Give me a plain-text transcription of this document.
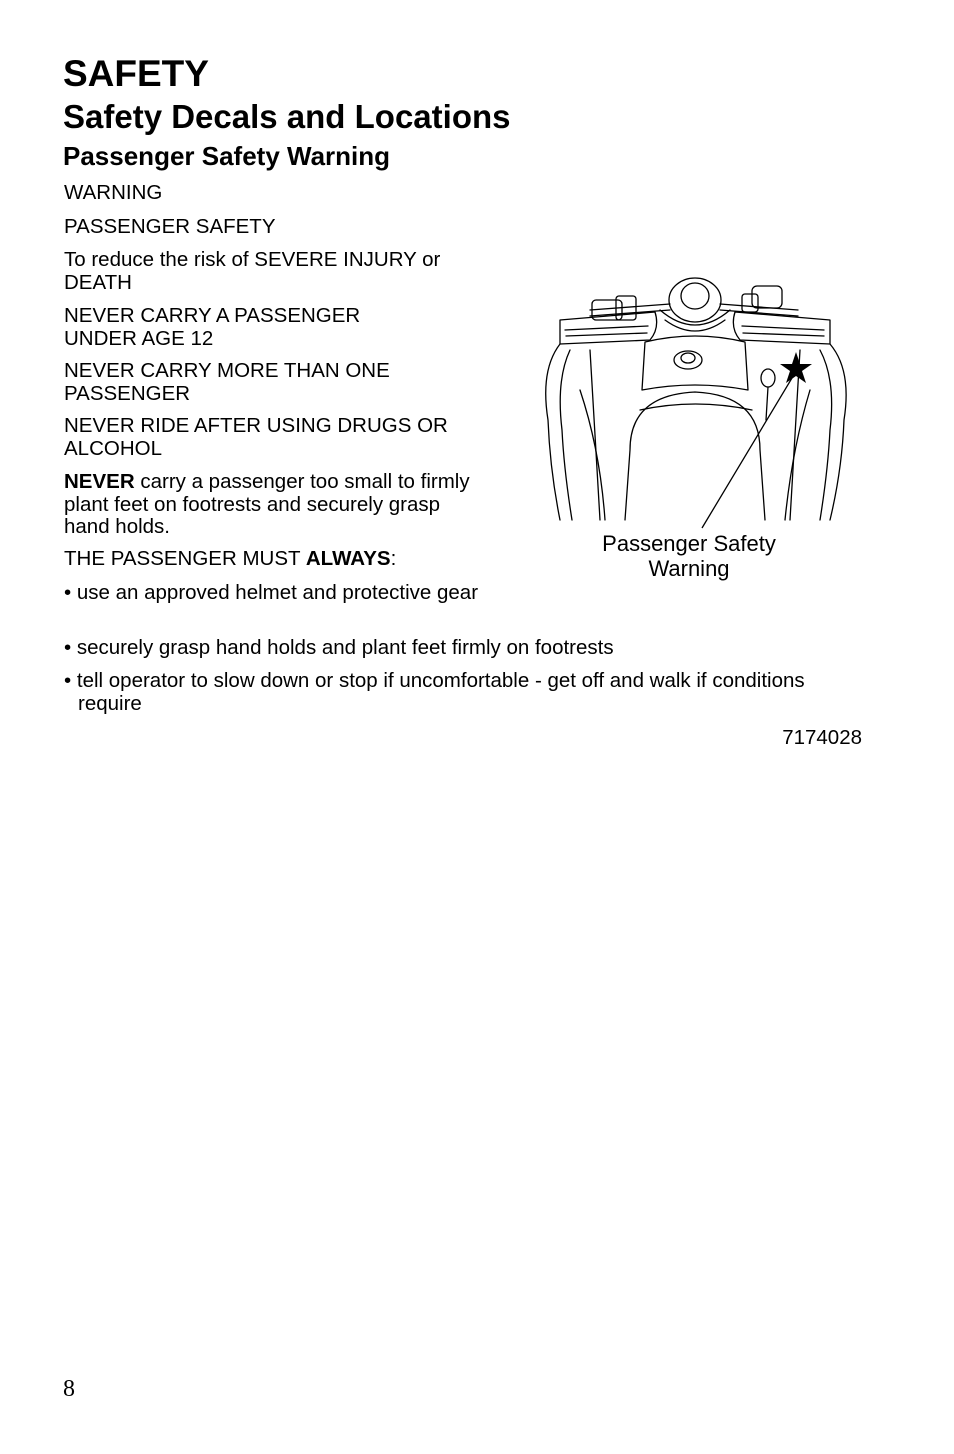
SAFETY
Safety Decals and Locations
Passenger Safety Warning

WARNING

PASSENGER SAFETY

To reduce the risk of SEVERE INJURY or DEATH

NEVER CARRY A PASSENGER UNDER AGE 12

NEVER CARRY MORE THAN ONE PASSENGER

NEVER RIDE AFTER USING DRUGS OR ALCOHOL

NEVER carry a passenger too small to firmly plant feet on footrests and securely grasp hand holds.

THE PASSENGER MUST ALWAYS:

• use an approved helmet and protective gear

• securely grasp hand holds and plant feet firmly on footrests

• tell operator to slow down or stop if uncomfortable - get off and walk if conditions require

7174028

Passenger Safety Warning

8
